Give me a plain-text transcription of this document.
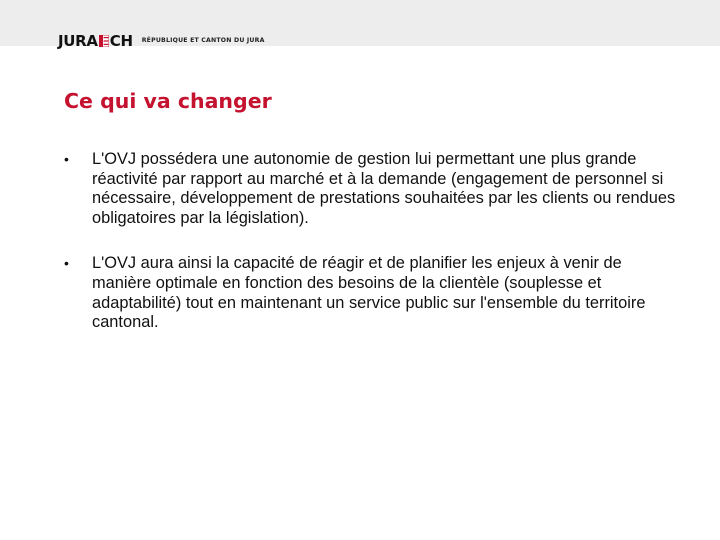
JURA CH RÉPUBLIQUE ET CANTON DU JURA
Ce qui va changer
•	L'OVJ possédera une autonomie de gestion lui permettant une plus grande réactivité par rapport au marché et à la demande (engagement de personnel si nécessaire, développement de prestations souhaitées par les clients ou rendues obligatoires par la législation).
•	L'OVJ aura ainsi la capacité de réagir et de planifier les enjeux à venir de manière optimale en fonction des besoins de la clientèle (souplesse et adaptabilité) tout en maintenant un service public sur l'ensemble du territoire cantonal.
